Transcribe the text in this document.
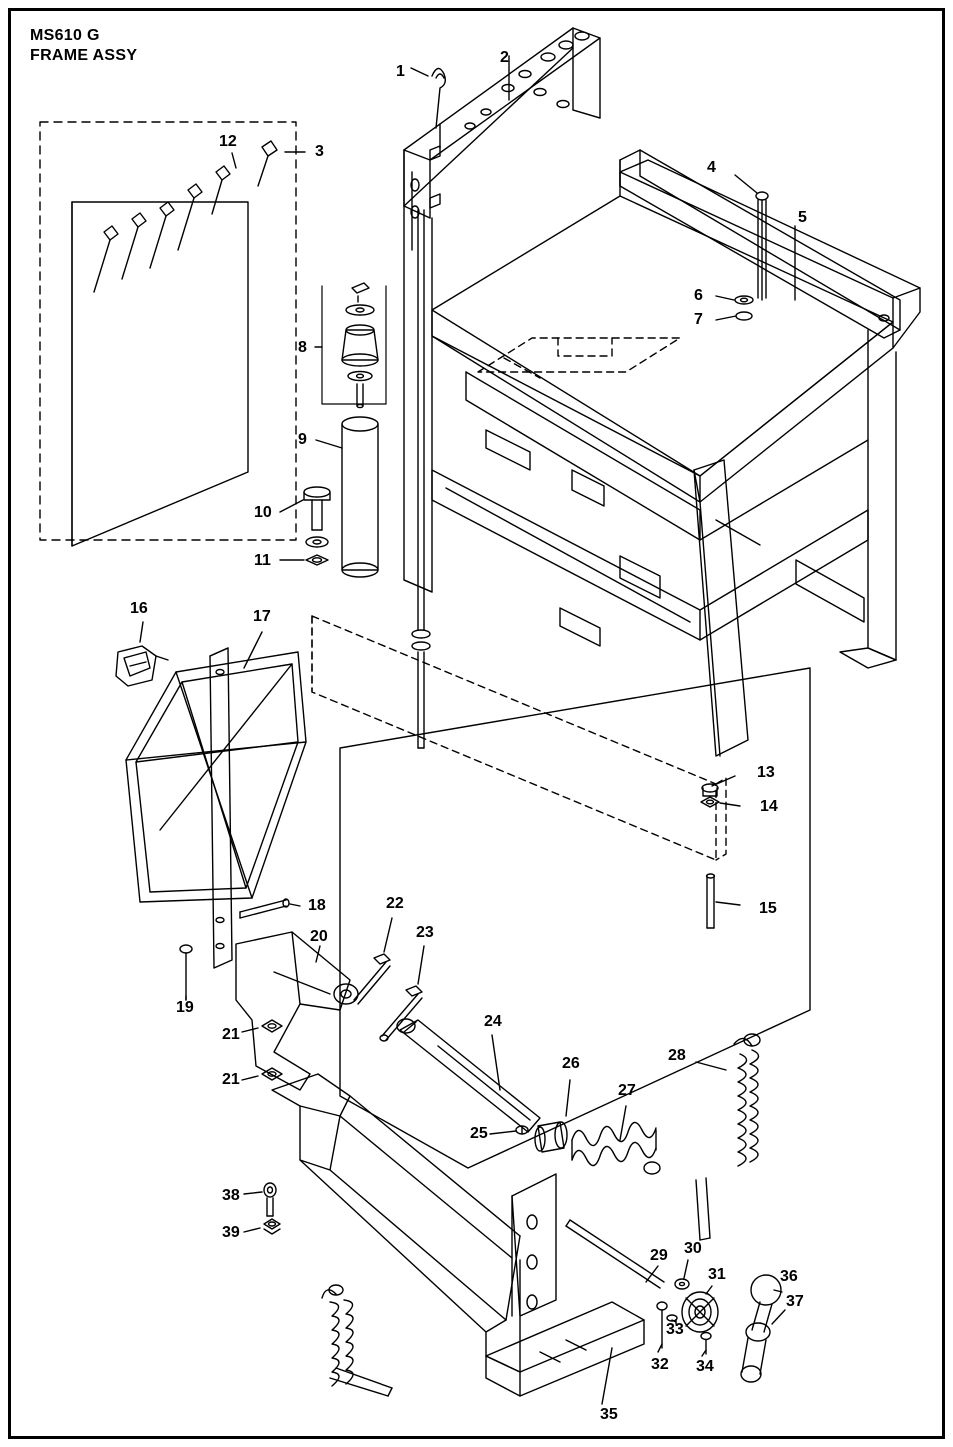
MS610 G
FRAME ASSY
1
2
3
4
5
6
7
8
9
10
11
12
13
14
15
16	17
18
19
20
21
21
22
23
24
25
26
27
28
29 30
31
32
33
34
35
36
37
38
39
